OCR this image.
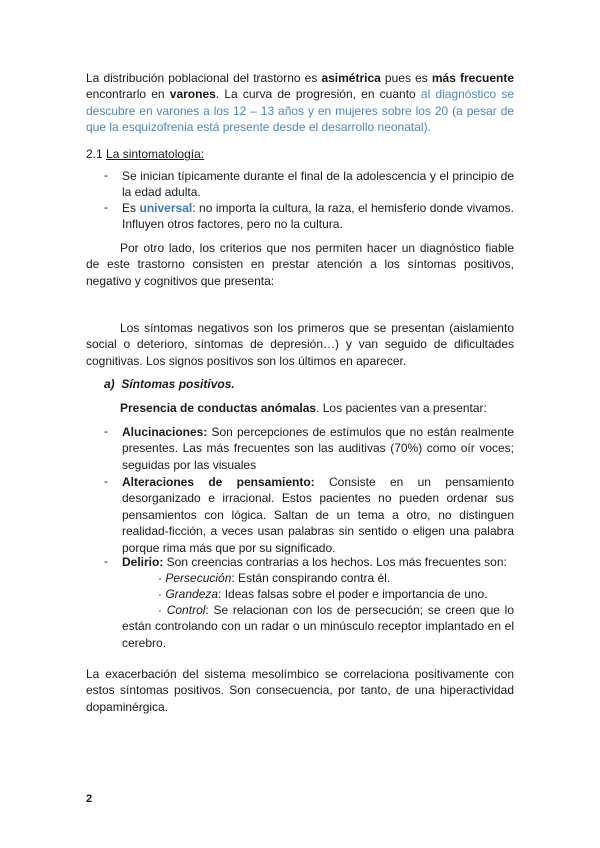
La distribución poblacional del trastorno es asimétrica pues es más frecuente encontrarlo en varones. La curva de progresión, en cuanto al diagnóstico se descubre en varones a los 12 – 13 años y en mujeres sobre los 20 (a pesar de que la esquizofrenia está presente desde el desarrollo neonatal).

2.1 La sintomatología:

- Se inician típicamente durante el final de la adolescencia y el principio de la edad adulta.

- Es universal: no importa la cultura, la raza, el hemisferio donde vivamos. Influyen otros factores, pero no la cultura.

Por otro lado, los criterios que nos permiten hacer un diagnóstico fiable de este trastorno consisten en prestar atención a los síntomas positivos, negativo y cognitivos que presenta:

Los síntomas negativos son los primeros que se presentan (aislamiento social o deterioro, síntomas de depresión…) y van seguido de dificultades cognitivas. Los signos positivos son los últimos en aparecer.

a) Síntomas positivos.

Presencia de conductas anómalas. Los pacientes van a presentar:

- Alucinaciones: Son percepciones de estímulos que no están realmente presentes. Las más frecuentes son las auditivas (70%) como oír voces; seguidas por las visuales

- Alteraciones de pensamiento: Consiste en un pensamiento desorganizado e irracional. Estos pacientes no pueden ordenar sus pensamientos con lógica. Saltan de un tema a otro, no distinguen realidad-ficción, a veces usan palabras sin sentido o eligen una palabra porque rima más que por su significado.

- Delirio: Son creencias contrarias a los hechos. Los más frecuentes son:

· Persecución: Están conspirando contra él.

· Grandeza: Ideas falsas sobre el poder e importancia de uno.

· Control: Se relacionan con los de persecución; se creen que lo están controlando con un radar o un minúsculo receptor implantado en el cerebro.

La exacerbación del sistema mesolímbico se correlaciona positivamente con estos síntomas positivos. Son consecuencia, por tanto, de una hiperactividad dopaminérgica.

2
